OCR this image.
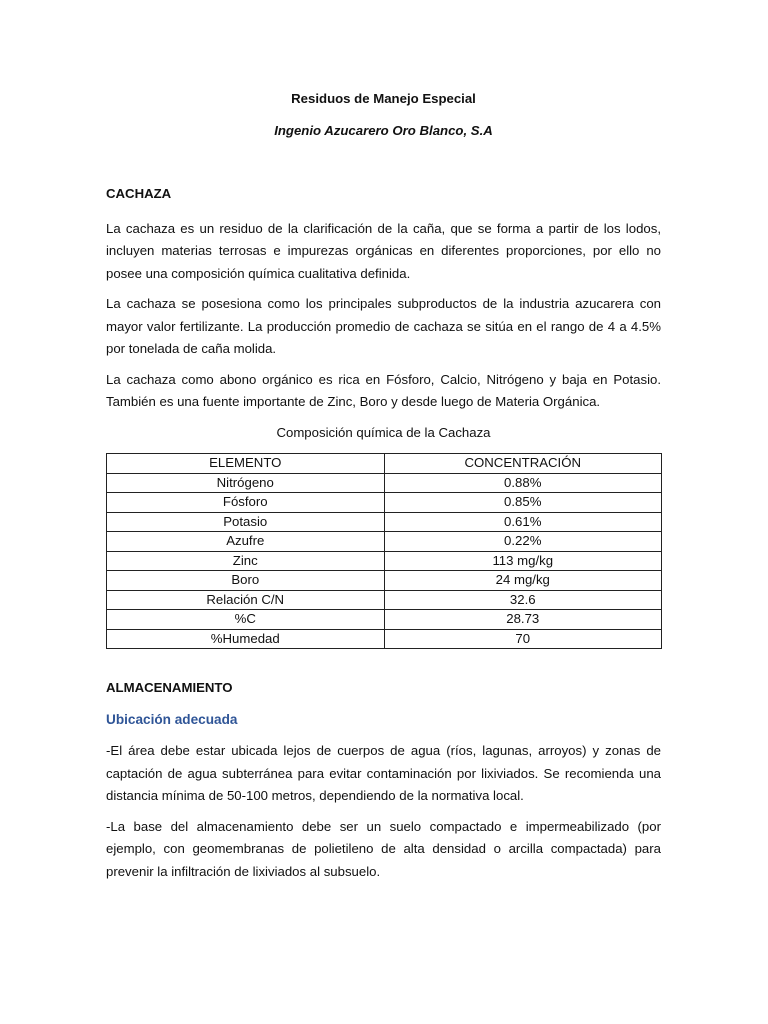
Residuos de Manejo Especial

Ingenio Azucarero Oro Blanco, S.A

CACHAZA

La cachaza es un residuo de la clarificación de la caña, que se forma a partir de los lodos, incluyen materias terrosas e impurezas orgánicas en diferentes proporciones, por ello no posee una composición química cualitativa definida.

La cachaza se posesiona como los principales subproductos de la industria azucarera con mayor valor fertilizante. La producción promedio de cachaza se sitúa en el rango de 4 a 4.5% por tonelada de caña molida.

La cachaza como abono orgánico es rica en Fósforo, Calcio, Nitrógeno y baja en Potasio. También es una fuente importante de Zinc, Boro y desde luego de Materia Orgánica.

Composición química de la Cachaza

ELEMENTO	CONCENTRACIÓN
Nitrógeno	0.88%
Fósforo	0.85%
Potasio	0.61%
Azufre	0.22%
Zinc	113 mg/kg
Boro	24 mg/kg
Relación C/N	32.6
%C	28.73
%Humedad	70

ALMACENAMIENTO

Ubicación adecuada

-El área debe estar ubicada lejos de cuerpos de agua (ríos, lagunas, arroyos) y zonas de captación de agua subterránea para evitar contaminación por lixiviados. Se recomienda una distancia mínima de 50-100 metros, dependiendo de la normativa local.

-La base del almacenamiento debe ser un suelo compactado e impermeabilizado (por ejemplo, con geomembranas de polietileno de alta densidad o arcilla compactada) para prevenir la infiltración de lixiviados al subsuelo.
